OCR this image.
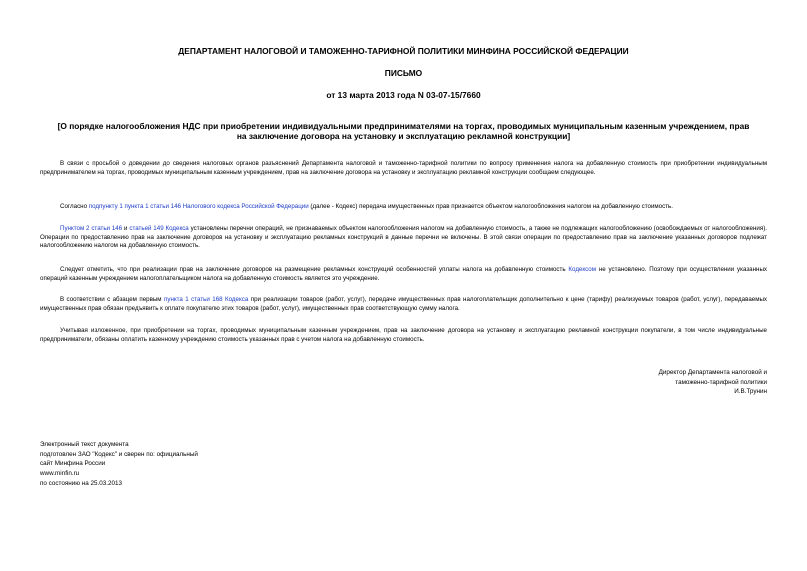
ДЕПАРТАМЕНТ НАЛОГОВОЙ И ТАМОЖЕННО-ТАРИФНОЙ ПОЛИТИКИ МИНФИНА РОССИЙСКОЙ ФЕДЕРАЦИИ
ПИСЬМО
от 13 марта 2013 года N 03-07-15/7660
[О порядке налогообложения НДС при приобретении индивидуальными предпринимателями на торгах, проводимых муниципальным казенным учреждением, прав
на заключение договора на установку и эксплуатацию рекламной конструкции]

В связи с просьбой о доведении до сведения налоговых органов разъяснений Департамента налоговой и таможенно-тарифной политики по вопросу применения налога на добавленную стоимость при приобретении индивидуальным предпринимателем на торгах, проводимых муниципальным казенным учреждением, прав на заключение договора на установку и эксплуатацию рекламной конструкции сообщаем следующее.

Согласно подпункту 1 пункта 1 статьи 146 Налогового кодекса Российской Федерации (далее - Кодекс) передача имущественных прав признается объектом налогообложения налогом на добавленную стоимость.

Пунктом 2 статьи 146 и статьей 149 Кодекса установлены перечни операций, не признаваемых объектом налогообложения налогом на добавленную стоимость, а также не подлежащих налогообложению (освобождаемых от налогообложения). Операции по предоставлению прав на заключение договоров на установку и эксплуатацию рекламных конструкций в данные перечни не включены. В этой связи операции по предоставлению прав на заключение указанных договоров подлежат налогообложению налогом на добавленную стоимость.

Следует отметить, что при реализации прав на заключение договоров на размещение рекламных конструкций особенностей уплаты налога на добавленную стоимость Кодексом не установлено. Поэтому при осуществлении указанных операций казенным учреждением налогоплательщиком налога на добавленную стоимость является это учреждение.

В соответствии с абзацем первым пункта 1 статьи 168 Кодекса при реализации товаров (работ, услуг), передаче имущественных прав налогоплательщик дополнительно к цене (тарифу) реализуемых товаров (работ, услуг), передаваемых имущественных прав обязан предъявить к оплате покупателю этих товаров (работ, услуг), имущественных прав соответствующую сумму налога.

Учитывая изложенное, при приобретении на торгах, проводимых муниципальным казенным учреждением, прав на заключение договора на установку и эксплуатацию рекламной конструкции покупатели, в том числе индивидуальные предприниматели, обязаны оплатить казенному учреждению стоимость указанных прав с учетом налога на добавленную стоимость.

Директор Департамента налоговой и
таможенно-тарифной политики
И.В.Трунин
Электронный текст документа
подготовлен ЗАО "Кодекс" и сверен по: официальный
сайт Минфина России
www.minfin.ru
по состоянию на 25.03.2013
